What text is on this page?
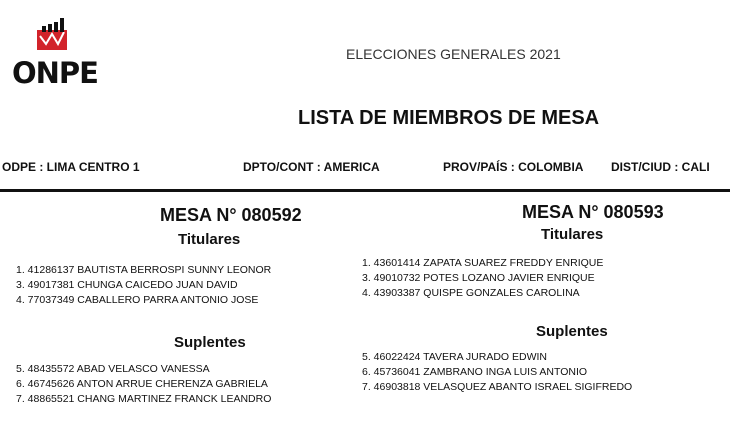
ONPE
ELECCIONES GENERALES 2021
LISTA DE MIEMBROS DE MESA
ODPE : LIMA CENTRO 1	DPTO/CONT : AMERICA	PROV/PAÍS : COLOMBIA DIST/CIUD : CALI
MESA N° 080592
Titulares
1. 41286137 BAUTISTA BERROSPI SUNNY LEONOR
3. 49017381 CHUNGA CAICEDO JUAN DAVID
4. 77037349 CABALLERO PARRA ANTONIO JOSE
Suplentes
5. 48435572 ABAD VELASCO VANESSA
6. 46745626 ANTON ARRUE CHERENZA GABRIELA
7. 48865521 CHANG MARTINEZ FRANCK LEANDRO
MESA N° 080593
Titulares
1. 43601414 ZAPATA SUAREZ FREDDY ENRIQUE
3. 49010732 POTES LOZANO JAVIER ENRIQUE
4. 43903387 QUISPE GONZALES CAROLINA
Suplentes
5. 46022424 TAVERA JURADO EDWIN
6. 45736041 ZAMBRANO INGA LUIS ANTONIO
7. 46903818 VELASQUEZ ABANTO ISRAEL SIGIFREDO
